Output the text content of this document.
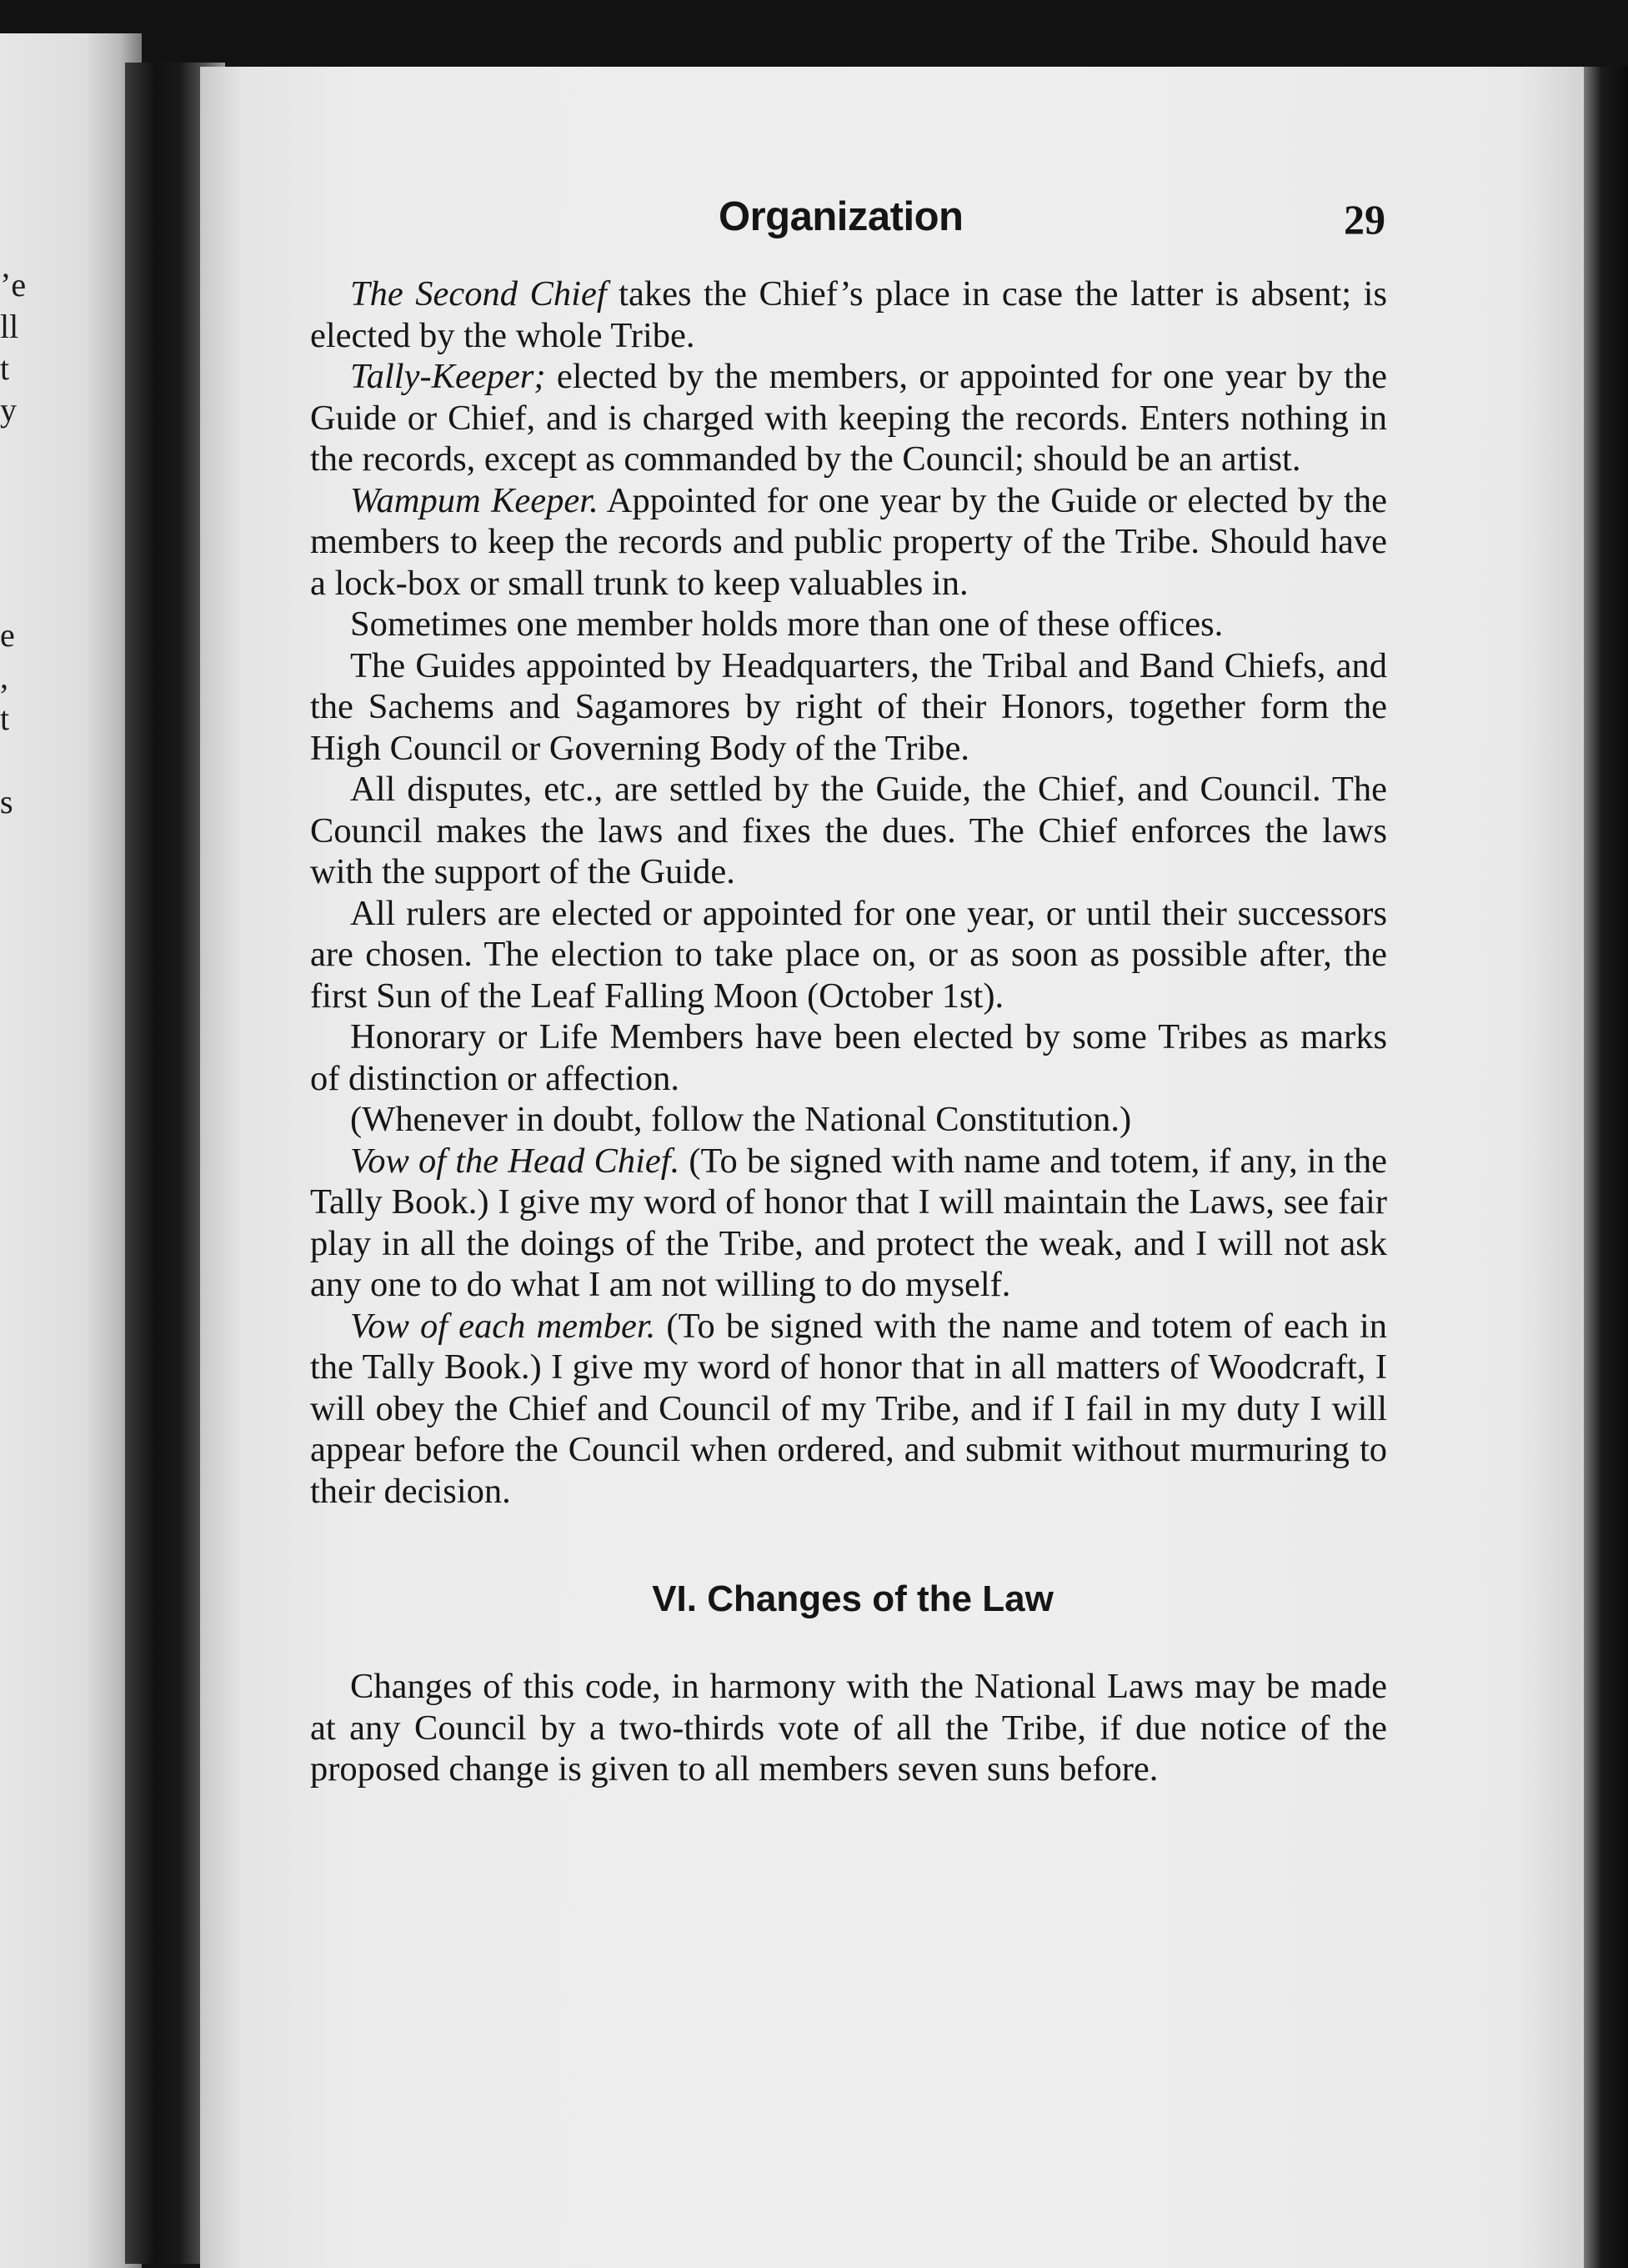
’e
ll
t
y
e
,
t
s
Organization	29

The Second Chief takes the Chief’s place in case the latter is absent; is elected by the whole Tribe.

Tally-Keeper; elected by the members, or appointed for one year by the Guide or Chief, and is charged with keeping the records. Enters nothing in the records, except as commanded by the Council; should be an artist.

Wampum Keeper. Appointed for one year by the Guide or elected by the members to keep the records and public property of the Tribe. Should have a lock-box or small trunk to keep valuables in.

Sometimes one member holds more than one of these offices.

The Guides appointed by Headquarters, the Tribal and Band Chiefs, and the Sachems and Sagamores by right of their Honors, together form the High Council or Governing Body of the Tribe.

All disputes, etc., are settled by the Guide, the Chief, and Council. The Council makes the laws and fixes the dues. The Chief enforces the laws with the support of the Guide.

All rulers are elected or appointed for one year, or until their successors are chosen. The election to take place on, or as soon as possible after, the first Sun of the Leaf Falling Moon (October 1st).

Honorary or Life Members have been elected by some Tribes as marks of distinction or affection.

(Whenever in doubt, follow the National Constitution.)

Vow of the Head Chief. (To be signed with name and totem, if any, in the Tally Book.) I give my word of honor that I will maintain the Laws, see fair play in all the doings of the Tribe, and protect the weak, and I will not ask any one to do what I am not willing to do myself.

Vow of each member. (To be signed with the name and totem of each in the Tally Book.) I give my word of honor that in all matters of Woodcraft, I will obey the Chief and Council of my Tribe, and if I fail in my duty I will appear before the Council when ordered, and submit without murmuring to their decision.

VI. Changes of the Law

Changes of this code, in harmony with the National Laws may be made at any Council by a two-thirds vote of all the Tribe, if due notice of the proposed change is given to all members seven suns before.
